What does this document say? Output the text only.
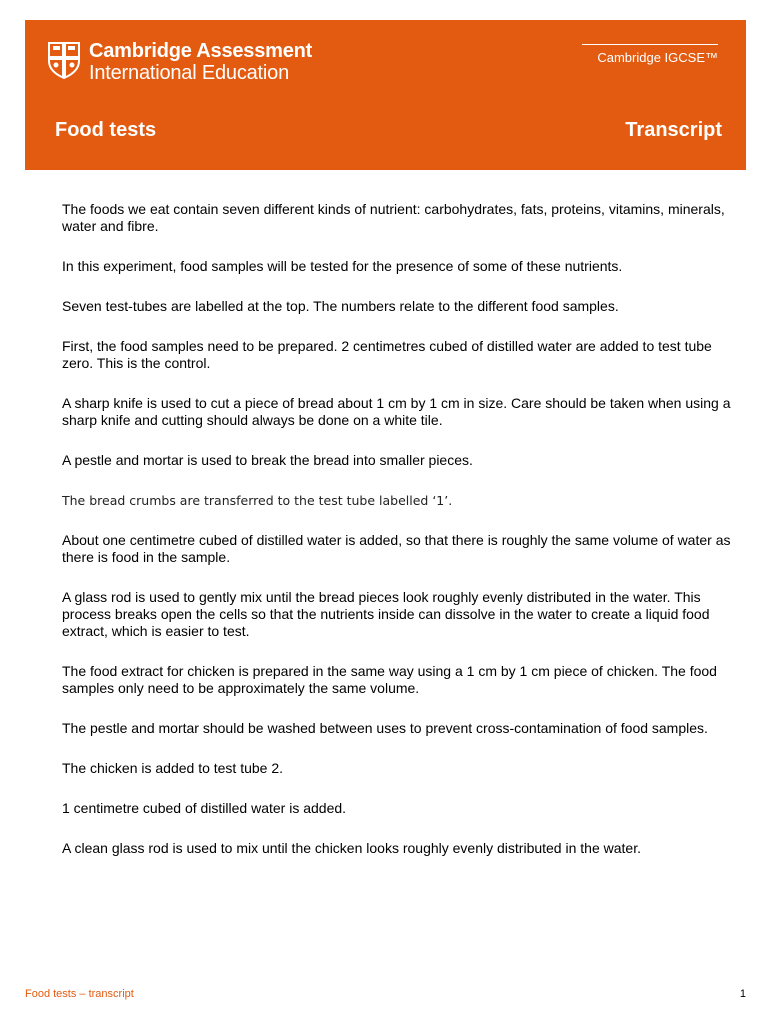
Cambridge Assessment
International Education
Cambridge IGCSE™
Food tests	Transcript

The foods we eat contain seven different kinds of nutrient: carbohydrates, fats, proteins, vitamins, minerals, water and fibre.

In this experiment, food samples will be tested for the presence of some of these nutrients.

Seven test-tubes are labelled at the top. The numbers relate to the different food samples.

First, the food samples need to be prepared. 2 centimetres cubed of distilled water are added to test tube zero. This is the control.

A sharp knife is used to cut a piece of bread about 1 cm by 1 cm in size. Care should be taken when using a sharp knife and cutting should always be done on a white tile.

A pestle and mortar is used to break the bread into smaller pieces.

The bread crumbs are transferred to the test tube labelled ‘1’.

About one centimetre cubed of distilled water is added, so that there is roughly the same volume of water as there is food in the sample.

A glass rod is used to gently mix until the bread pieces look roughly evenly distributed in the water. This process breaks open the cells so that the nutrients inside can dissolve in the water to create a liquid food extract, which is easier to test.

The food extract for chicken is prepared in the same way using a 1 cm by 1 cm piece of chicken. The food samples only need to be approximately the same volume.

The pestle and mortar should be washed between uses to prevent cross-contamination of food samples.

The chicken is added to test tube 2.

1 centimetre cubed of distilled water is added.

A clean glass rod is used to mix until the chicken looks roughly evenly distributed in the water.

Food tests – transcript	1
